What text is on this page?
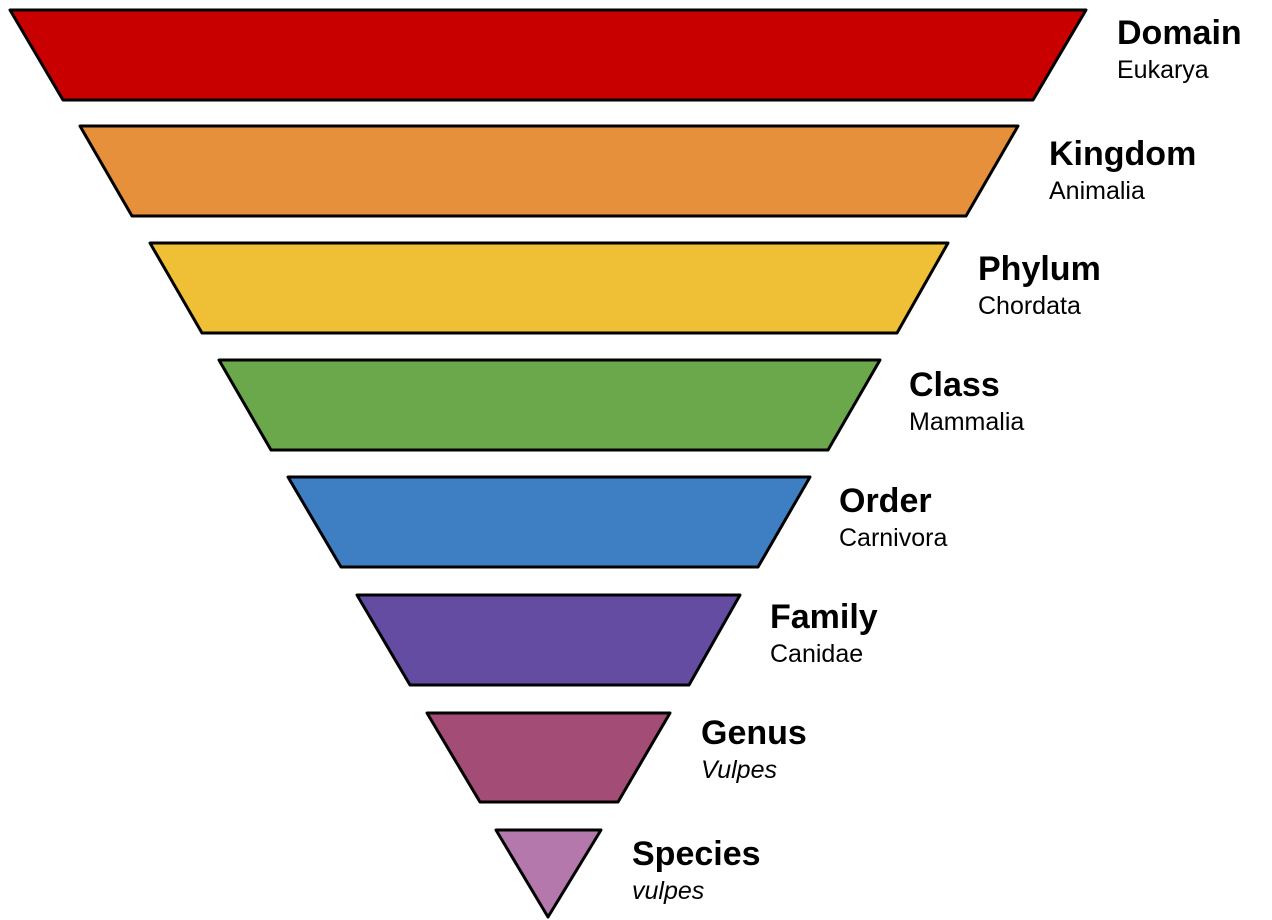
Domain
Eukarya
Kingdom
Animalia
Phylum
Chordata
Class
Mammalia
Order
Carnivora
Family
Canidae
Genus
Vulpes
Species
vulpes
